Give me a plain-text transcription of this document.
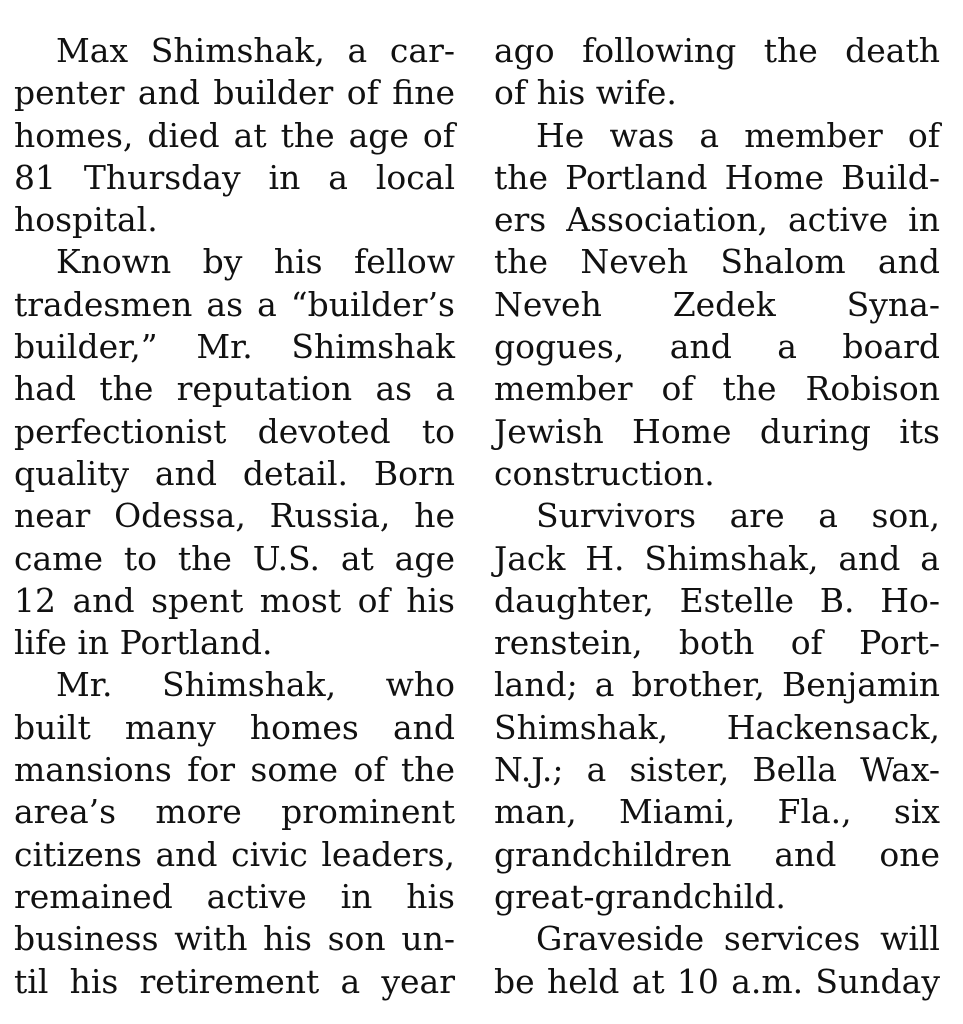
Max Shimshak, a car-
penter and builder of fine
homes, died at the age of
81 Thursday in a local
hospital.
Known by his fellow
tradesmen as a “builder’s
builder,” Mr. Shimshak
had the reputation as a
perfectionist devoted to
quality and detail. Born
near Odessa, Russia, he
came to the U.S. at age
12 and spent most of his
life in Portland.
Mr. Shimshak, who
built many homes and
mansions for some of the
area’s more prominent
citizens and civic leaders,
remained active in his
business with his son un-
til his retirement a year
ago following the death
of his wife.
He was a member of
the Portland Home Build-
ers Association, active in
the Neveh Shalom and
Neveh Zedek Syna-
gogues, and a board
member of the Robison
Jewish Home during its
construction.
Survivors are a son,
Jack H. Shimshak, and a
daughter, Estelle B. Ho-
renstein, both of Port-
land; a brother, Benjamin
Shimshak, Hackensack,
N.J.; a sister, Bella Wax-
man, Miami, Fla., six
grandchildren and one
great-grandchild.
Graveside services will
be held at 10 a.m. Sunday
